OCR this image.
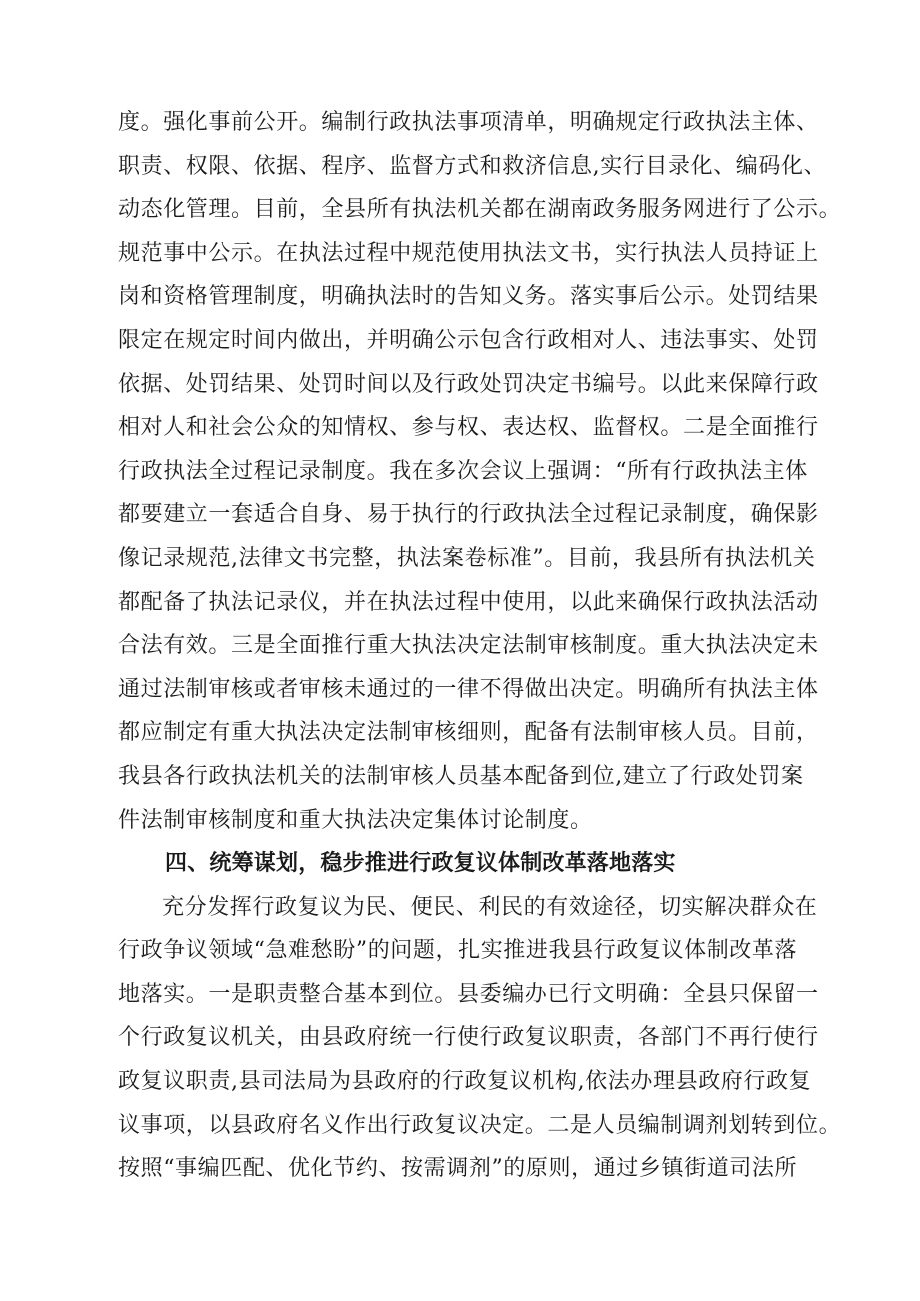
度。强化事前公开。编制行政执法事项清单，明确规定行政执法主体、
职责、权限、依据、程序、监督方式和救济信息,实行目录化、编码化、
动态化管理。目前，全县所有执法机关都在湖南政务服务网进行了公示。
规范事中公示。在执法过程中规范使用执法文书，实行执法人员持证上
岗和资格管理制度，明确执法时的告知义务。落实事后公示。处罚结果
限定在规定时间内做出，并明确公示包含行政相对人、违法事实、处罚
依据、处罚结果、处罚时间以及行政处罚决定书编号。以此来保障行政
相对人和社会公众的知情权、参与权、表达权、监督权。二是全面推行
行政执法全过程记录制度。我在多次会议上强调：“所有行政执法主体
都要建立一套适合自身、易于执行的行政执法全过程记录制度，确保影
像记录规范,法律文书完整，执法案卷标准”。目前，我县所有执法机关
都配备了执法记录仪，并在执法过程中使用，以此来确保行政执法活动
合法有效。三是全面推行重大执法决定法制审核制度。重大执法决定未
通过法制审核或者审核未通过的一律不得做出决定。明确所有执法主体
都应制定有重大执法决定法制审核细则，配备有法制审核人员。目前，
我县各行政执法机关的法制审核人员基本配备到位,建立了行政处罚案
件法制审核制度和重大执法决定集体讨论制度。
四、统筹谋划，稳步推进行政复议体制改革落地落实
充分发挥行政复议为民、便民、利民的有效途径，切实解决群众在
行政争议领域“急难愁盼”的问题，扎实推进我县行政复议体制改革落
地落实。一是职责整合基本到位。县委编办已行文明确：全县只保留一
个行政复议机关，由县政府统一行使行政复议职责，各部门不再行使行
政复议职责,县司法局为县政府的行政复议机构,依法办理县政府行政复
议事项，以县政府名义作出行政复议决定。二是人员编制调剂划转到位。
按照“事编匹配、优化节约、按需调剂”的原则，通过乡镇街道司法所
